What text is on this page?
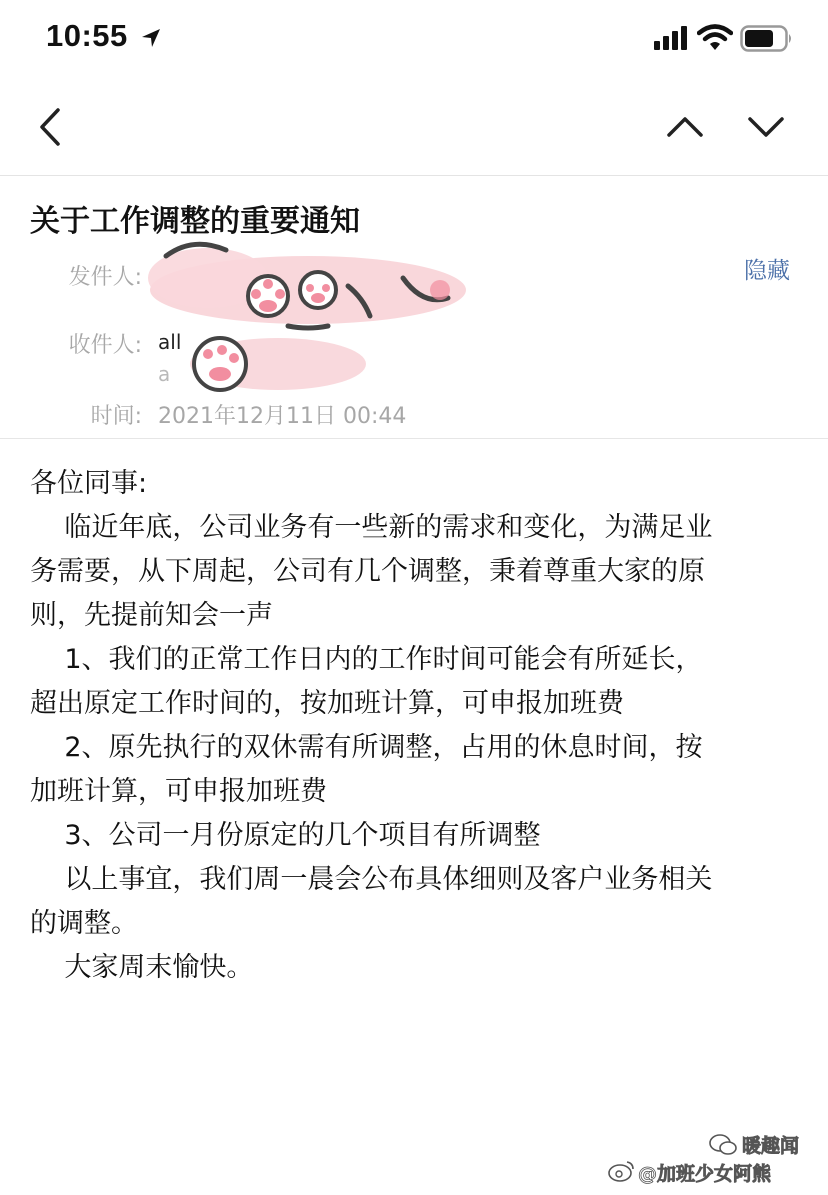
10:55
关于工作调整的重要通知
隐藏
发件人:
收件人: all
a
时间: 2021年12月11日 00:44
各位同事:
临近年底，公司业务有一些新的需求和变化，为满足业
务需要，从下周起，公司有几个调整，秉着尊重大家的原
则，先提前知会一声
1、我们的正常工作日内的工作时间可能会有所延长，
超出原定工作时间的，按加班计算，可申报加班费
2、原先执行的双休需有所调整，占用的休息时间，按
加班计算，可申报加班费
3、公司一月份原定的几个项目有所调整
以上事宜，我们周一晨会公布具体细则及客户业务相关
的调整。
大家周末愉快。
暖趣闻
@加班少女阿熊
